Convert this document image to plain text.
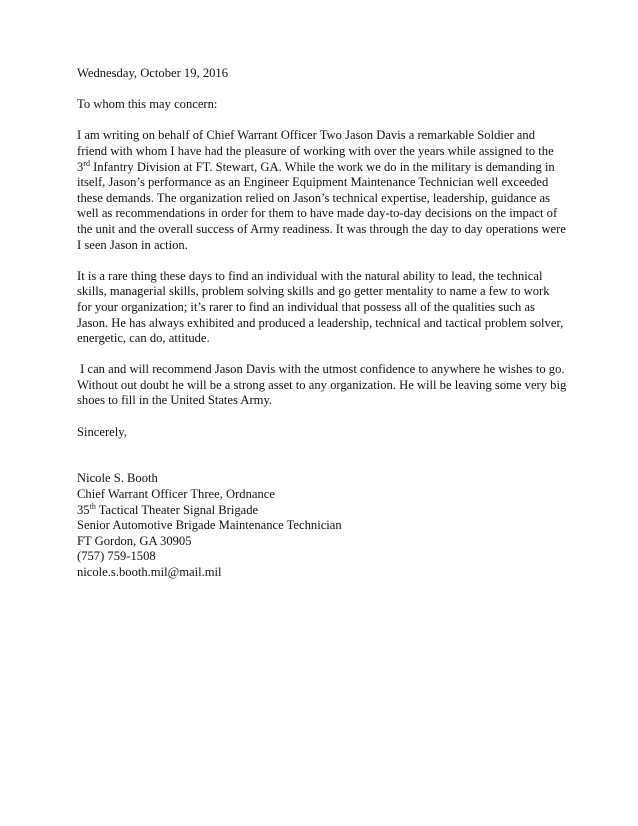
Wednesday, October 19, 2016

To whom this may concern:

I am writing on behalf of Chief Warrant Officer Two Jason Davis a remarkable Soldier and friend with whom I have had the pleasure of working with over the years while assigned to the 3rd Infantry Division at FT. Stewart, GA. While the work we do in the military is demanding in itself, Jason’s performance as an Engineer Equipment Maintenance Technician well exceeded these demands. The organization relied on Jason’s technical expertise, leadership, guidance as well as recommendations in order for them to have made day-to-day decisions on the impact of the unit and the overall success of Army readiness. It was through the day to day operations were I seen Jason in action.

It is a rare thing these days to find an individual with the natural ability to lead, the technical skills, managerial skills, problem solving skills and go getter mentality to name a few to work for your organization; it’s rarer to find an individual that possess all of the qualities such as Jason. He has always exhibited and produced a leadership, technical and tactical problem solver, energetic, can do, attitude.

I can and will recommend Jason Davis with the utmost confidence to anywhere he wishes to go. Without out doubt he will be a strong asset to any organization. He will be leaving some very big shoes to fill in the United States Army.

Sincerely,

Nicole S. Booth

Chief Warrant Officer Three, Ordnance

35th Tactical Theater Signal Brigade

Senior Automotive Brigade Maintenance Technician

FT Gordon, GA 30905

(757) 759-1508

nicole.s.booth.mil@mail.mil
